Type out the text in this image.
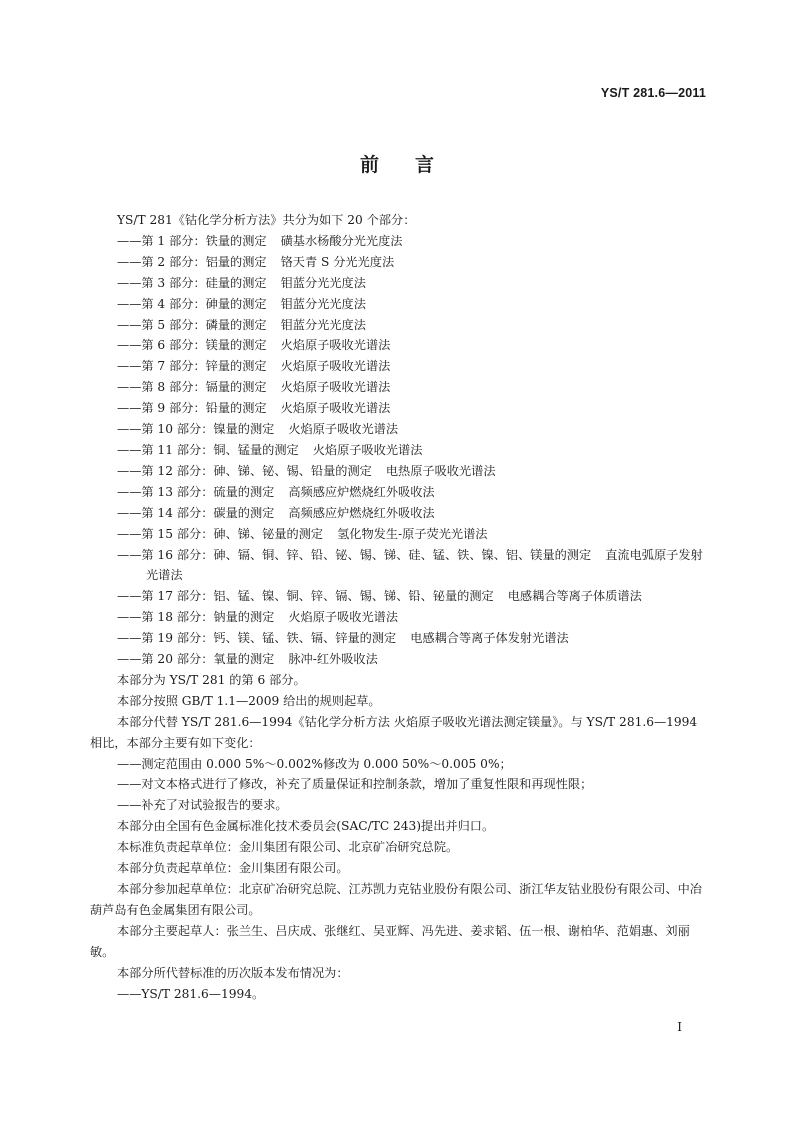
YS/T 281.6—2011
前言
YS/T 281《钴化学分析方法》共分为如下 20 个部分：
——第 1 部分：铁量的测定 磺基水杨酸分光光度法
——第 2 部分：铝量的测定 铬天青 S 分光光度法
——第 3 部分：硅量的测定 钼蓝分光光度法
——第 4 部分：砷量的测定 钼蓝分光光度法
——第 5 部分：磷量的测定 钼蓝分光光度法
——第 6 部分：镁量的测定 火焰原子吸收光谱法
——第 7 部分：锌量的测定 火焰原子吸收光谱法
——第 8 部分：镉量的测定 火焰原子吸收光谱法
——第 9 部分：铅量的测定 火焰原子吸收光谱法
——第 10 部分：镍量的测定 火焰原子吸收光谱法
——第 11 部分：铜、锰量的测定 火焰原子吸收光谱法
——第 12 部分：砷、锑、铋、锡、铅量的测定 电热原子吸收光谱法
——第 13 部分：硫量的测定 高频感应炉燃烧红外吸收法
——第 14 部分：碳量的测定 高频感应炉燃烧红外吸收法
——第 15 部分：砷、锑、铋量的测定 氢化物发生-原子荧光光谱法
——第 16 部分：砷、镉、铜、锌、铅、铋、锡、锑、硅、锰、铁、镍、铝、镁量的测定 直流电弧原子发射光谱法
——第 17 部分：铝、锰、镍、铜、锌、镉、锡、锑、铅、铋量的测定 电感耦合等离子体质谱法
——第 18 部分：钠量的测定 火焰原子吸收光谱法
——第 19 部分：钙、镁、锰、铁、镉、锌量的测定 电感耦合等离子体发射光谱法
——第 20 部分：氧量的测定 脉冲-红外吸收法
本部分为 YS/T 281 的第 6 部分。
本部分按照 GB/T 1.1—2009 给出的规则起草。
本部分代替 YS/T 281.6—1994《钴化学分析方法 火焰原子吸收光谱法测定镁量》。与 YS/T 281.6—1994 相比，本部分主要有如下变化：
——测定范围由 0.000 5%～0.002%修改为 0.000 50%～0.005 0%；
——对文本格式进行了修改，补充了质量保证和控制条款，增加了重复性限和再现性限；
——补充了对试验报告的要求。
本部分由全国有色金属标准化技术委员会(SAC/TC 243)提出并归口。
本标准负责起草单位：金川集团有限公司、北京矿冶研究总院。
本部分负责起草单位：金川集团有限公司。
本部分参加起草单位：北京矿冶研究总院、江苏凯力克钴业股份有限公司、浙江华友钴业股份有限公司、中冶葫芦岛有色金属集团有限公司。
本部分主要起草人：张兰生、吕庆成、张继红、吴亚辉、冯先进、姜求韬、伍一根、谢柏华、范娟惠、刘丽敏。
本部分所代替标准的历次版本发布情况为：
——YS/T 281.6—1994。
I
